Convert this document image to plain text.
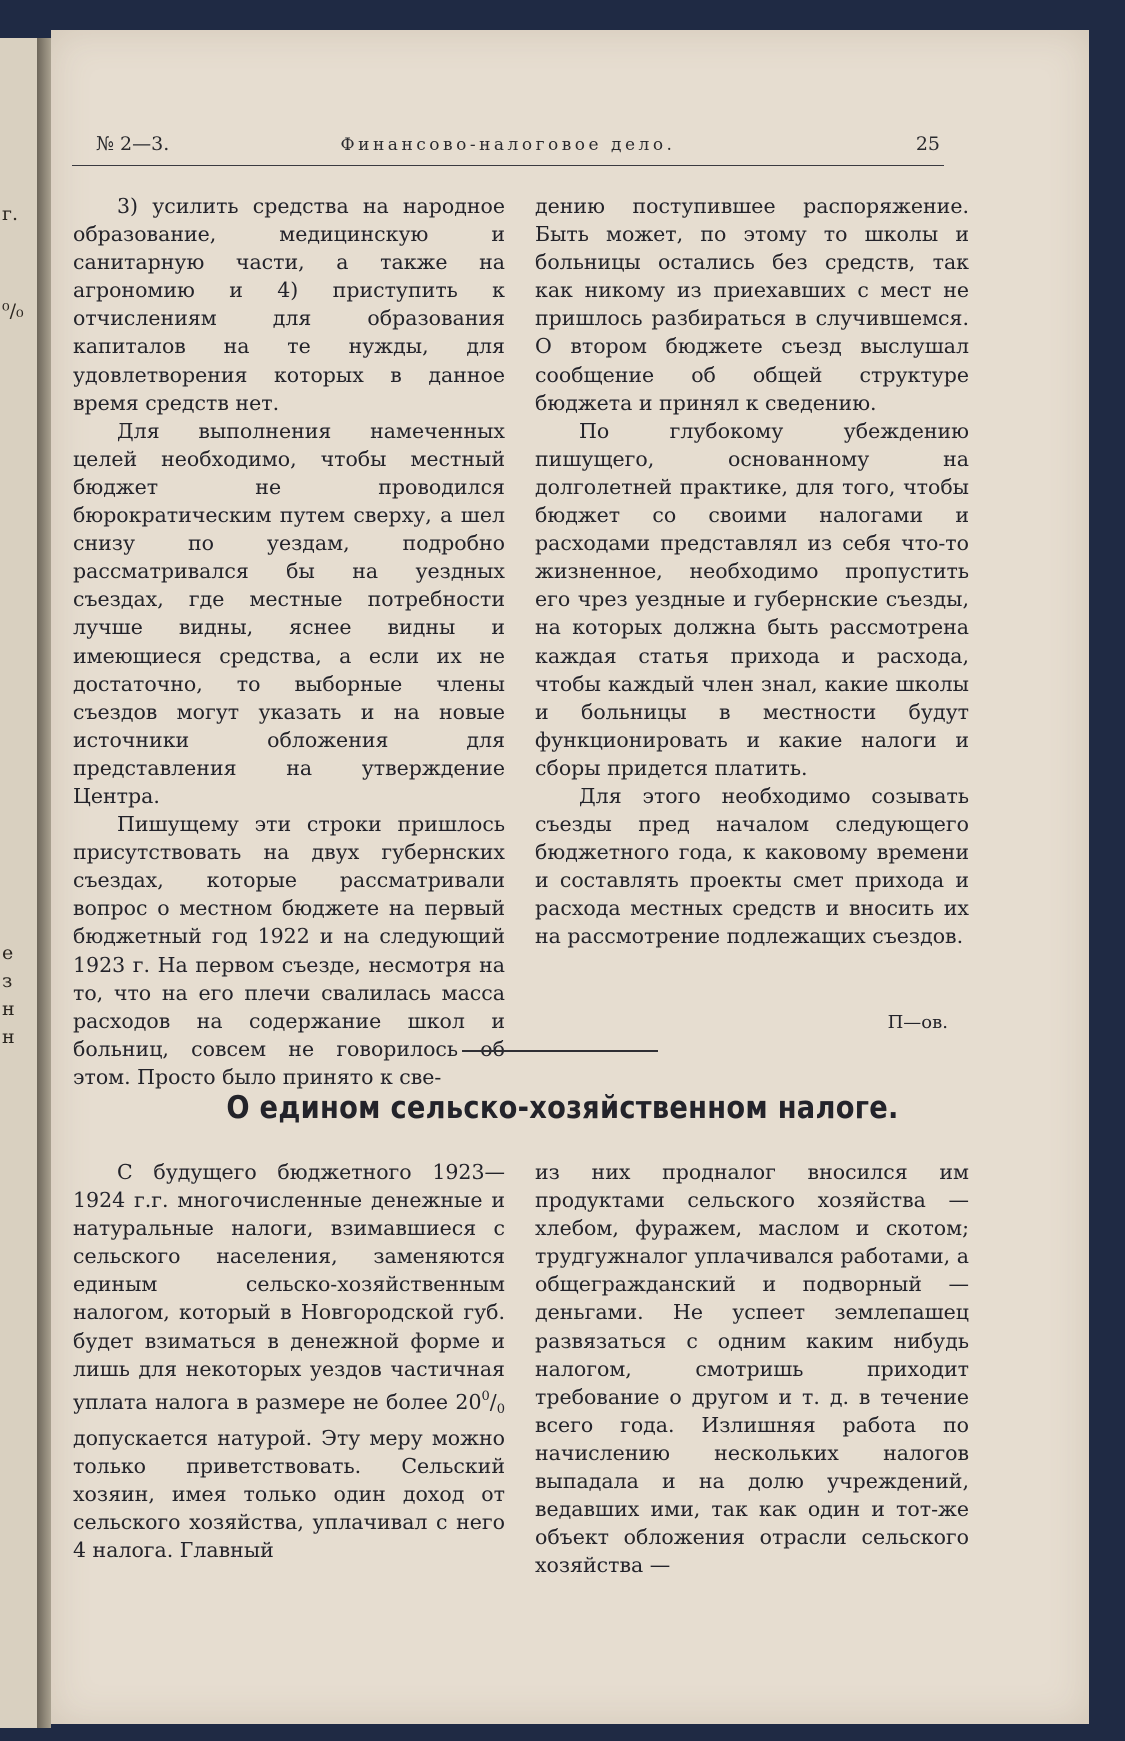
г.
⁰/₀
е
з
н
н
№ 2—3.	Финансово-налоговое дело.	25

3) усилить средства на народное образование, медицинскую и санитарную части, а также на агрономию и 4) приступить к отчислениям для образования капиталов на те нужды, для удовлетворения которых в данное время средств нет.

Для выполнения намеченных целей необходимо, чтобы местный бюджет не проводился бюрократическим путем сверху, а шел снизу по уездам, подробно рассматривался бы на уездных съездах, где местные потребности лучше видны, яснее видны и имеющиеся средства, а если их не достаточно, то выборные члены съездов могут указать и на новые источники обложения для представления на утверждение Центра.

Пишущему эти строки пришлось присутствовать на двух губернских съездах, которые рассматривали вопрос о местном бюджете на первый бюджетный год 1922 и на следующий 1923 г. На первом съезде, несмотря на то, что на его плечи свалилась масса расходов на содержание школ и больниц, совсем не говорилось об этом. Просто было принято к све-

дению поступившее распоряжение. Быть может, по этому то школы и больницы остались без средств, так как никому из приехавших с мест не пришлось разбираться в случившемся. О втором бюджете съезд выслушал сообщение об общей структуре бюджета и принял к сведению.

По глубокому убеждению пишущего, основанному на долголетней практике, для того, чтобы бюджет со своими налогами и расходами представлял из себя что-то жизненное, необходимо пропустить его чрез уездные и губернские съезды, на которых должна быть рассмотрена каждая статья прихода и расхода, чтобы каждый член знал, какие школы и больницы в местности будут функционировать и какие налоги и сборы придется платить.

Для этого необходимо созывать съезды пред началом следующего бюджетного года, к каковому времени и составлять проекты смет прихода и расхода местных средств и вносить их на рассмотрение подлежащих съездов.

П—ов.
О едином сельско-хозяйственном налоге.

С будущего бюджетного 1923—1924 г.г. многочисленные денежные и натуральные налоги, взимавшиеся с сельского населения, заменяются единым сельско-хозяйственным налогом, который в Новгородской губ. будет взиматься в денежной форме и лишь для некоторых уездов частичная уплата налога в размере не более $20^0/_0$ допускается натурой. Эту меру можно только приветствовать. Сельский хозяин, имея только один доход от сельского хозяйства, уплачивал с него 4 налога. Главный

из них продналог вносился им продуктами сельского хозяйства — хлебом, фуражем, маслом и скотом; трудгужналог уплачивался работами, а общегражданский и подворный — деньгами. Не успеет землепашец развязаться с одним каким нибудь налогом, смотришь приходит требование о другом и т. д. в течение всего года. Излишняя работа по начислению нескольких налогов выпадала и на долю учреждений, ведавших ими, так как один и тот-же объект обложения отрасли сельского хозяйства —
